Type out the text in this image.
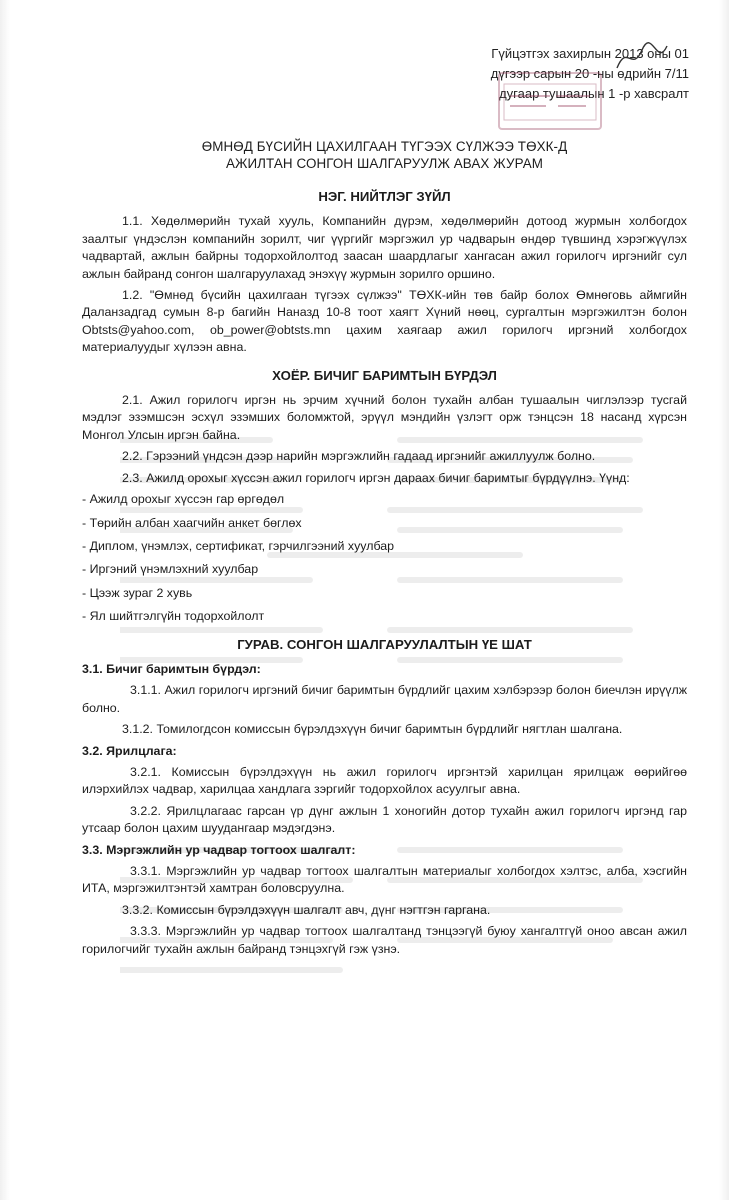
Гүйцэтгэх захирлын 2013 оны 01
дүгээр сарын 20 -ны өдрийн 7/11
дугаар тушаалын 1 -р хавсралт
ӨМНӨД БҮСИЙН ЦАХИЛГААН ТҮГЭЭХ СҮЛЖЭЭ ТӨХК-Д
АЖИЛТАН СОНГОН ШАЛГАРУУЛЖ АВАХ ЖУРАМ
НЭГ. НИЙТЛЭГ ЗҮЙЛ

1.1. Хөдөлмөрийн тухай хууль, Компанийн дүрэм, хөдөлмөрийн дотоод журмын холбогдох заалтыг үндэслэн компанийн зорилт, чиг үүргийг мэргэжил ур чадварын өндөр түвшинд хэрэгжүүлэх чадвартай, ажлын байрны тодорхойлолтод заасан шаардлагыг хангасан ажил горилогч иргэнийг сул ажлын байранд сонгон шалгаруулахад энэхүү журмын зорилго оршино.

1.2. "Өмнөд бүсийн цахилгаан түгээх сүлжээ" ТӨХК-ийн төв байр болох Өмнөговь аймгийн Даланзадгад сумын 8-р багийн Наназд 10-8 тоот хаягт Хүний нөөц, сургалтын мэргэжилтэн болон Obtsts@yahoo.com, ob_power@obtsts.mn цахим хаягаар ажил горилогч иргэний холбогдох материалуудыг хүлээн авна.

ХОЁР. БИЧИГ БАРИМТЫН БҮРДЭЛ

2.1. Ажил горилогч иргэн нь эрчим хүчний болон тухайн албан тушаалын чиглэлээр тусгай мэдлэг эзэмшсэн эсхүл эзэмших боломжтой, эрүүл мэндийн үзлэгт орж тэнцсэн 18 насанд хүрсэн Монгол Улсын иргэн байна.

2.2. Гэрээний үндсэн дээр нарийн мэргэжлийн гадаад иргэнийг ажиллуулж болно.

2.3. Ажилд орохыг хүссэн ажил горилогч иргэн дараах бичиг баримтыг бүрдүүлнэ. Үүнд:

- Ажилд орохыг хүссэн гар өргөдөл
- Төрийн албан хаагчийн анкет бөглөх
- Диплом, үнэмлэх, сертификат, гэрчилгээний хуулбар
- Иргэний үнэмлэхний хуулбар
- Цээж зураг 2 хувь
- Ял шийтгэлгүйн тодорхойлолт
ГУРАВ. СОНГОН ШАЛГАРУУЛАЛТЫН ҮЕ ШАТ
3.1. Бичиг баримтын бүрдэл:

3.1.1. Ажил горилогч иргэний бичиг баримтын бүрдлийг цахим хэлбэрээр болон биечлэн ирүүлж болно.

3.1.2. Томилогдсон комиссын бүрэлдэхүүн бичиг баримтын бүрдлийг нягтлан шалгана.

3.2. Ярилцлага:

3.2.1. Комиссын бүрэлдэхүүн нь ажил горилогч иргэнтэй харилцан ярилцаж өөрийгөө илэрхийлэх чадвар, харилцаа хандлага зэргийг тодорхойлох асуулгыг авна.

3.2.2. Ярилцлагаас гарсан үр дүнг ажлын 1 хоногийн дотор тухайн ажил горилогч иргэнд гар утсаар болон цахим шуудангаар мэдэгдэнэ.

3.3. Мэргэжлийн ур чадвар тогтоох шалгалт:

3.3.1. Мэргэжлийн ур чадвар тогтоох шалгалтын материалыг холбогдох хэлтэс, алба, хэсгийн ИТА, мэргэжилтэнтэй хамтран боловсруулна.

3.3.2. Комиссын бүрэлдэхүүн шалгалт авч, дүнг нэгтгэн гаргана.

3.3.3. Мэргэжлийн ур чадвар тогтоох шалгалтанд тэнцээгүй буюу хангалтгүй оноо авсан ажил горилогчийг тухайн ажлын байранд тэнцэхгүй гэж үзнэ.
